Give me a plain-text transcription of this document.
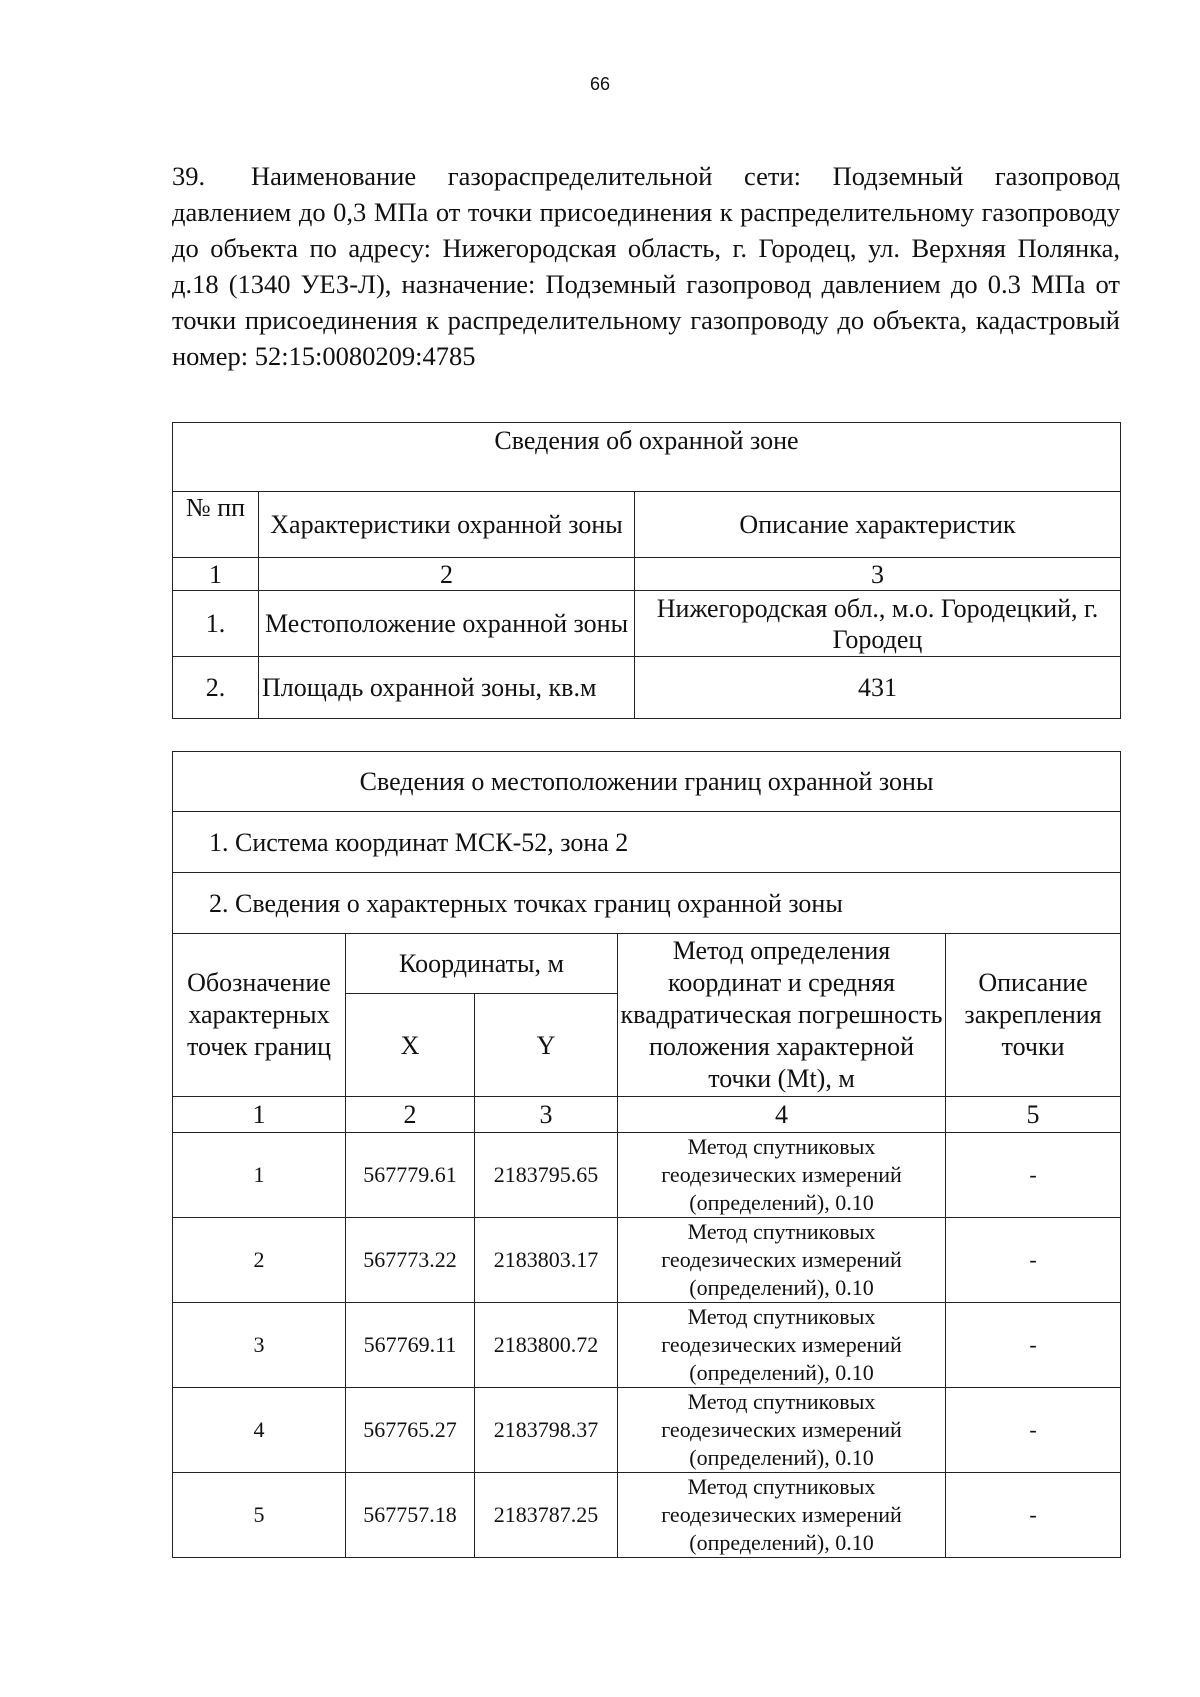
66
39. Наименование газораспределительной сети: Подземный газопровод давлением до 0,3 МПа от точки присоединения к распределительному газопроводу до объекта по адресу: Нижегородская область, г. Городец, ул. Верхняя Полянка, д.18 (1340 УЕЗ-Л), назначение: Подземный газопровод давлением до 0.3 МПа от точки присоединения к распределительному газопроводу до объекта, кадастровый номер: 52:15:0080209:4785
Сведения об охранной зоне		
№ пп	Характеристики охранной зоны	Описание характеристик
1	2	3
1.	Местоположение охранной зоны	Нижегородская обл., м.о. Городецкий, г. Городец
2.	Площадь охранной зоны, кв.м	431
Сведения о местоположении границ охранной зоны				
1. Система координат МСК-52, зона 2				
2. Сведения о характерных точках границ охранной зоны				
Обозначение характерных точек границ	Координаты, м		Метод определения координат и средняя квадратическая погрешность положения характерной точки (Mt), м	Описание закрепления точки
	X	Y		
1	2	3	4	5
1	567779.61	2183795.65	Метод спутниковых геодезических измерений (определений), 0.10	-
2	567773.22	2183803.17	Метод спутниковых геодезических измерений (определений), 0.10	-
3	567769.11	2183800.72	Метод спутниковых геодезических измерений (определений), 0.10	-
4	567765.27	2183798.37	Метод спутниковых геодезических измерений (определений), 0.10	-
5	567757.18	2183787.25	Метод спутниковых геодезических измерений (определений), 0.10	-
